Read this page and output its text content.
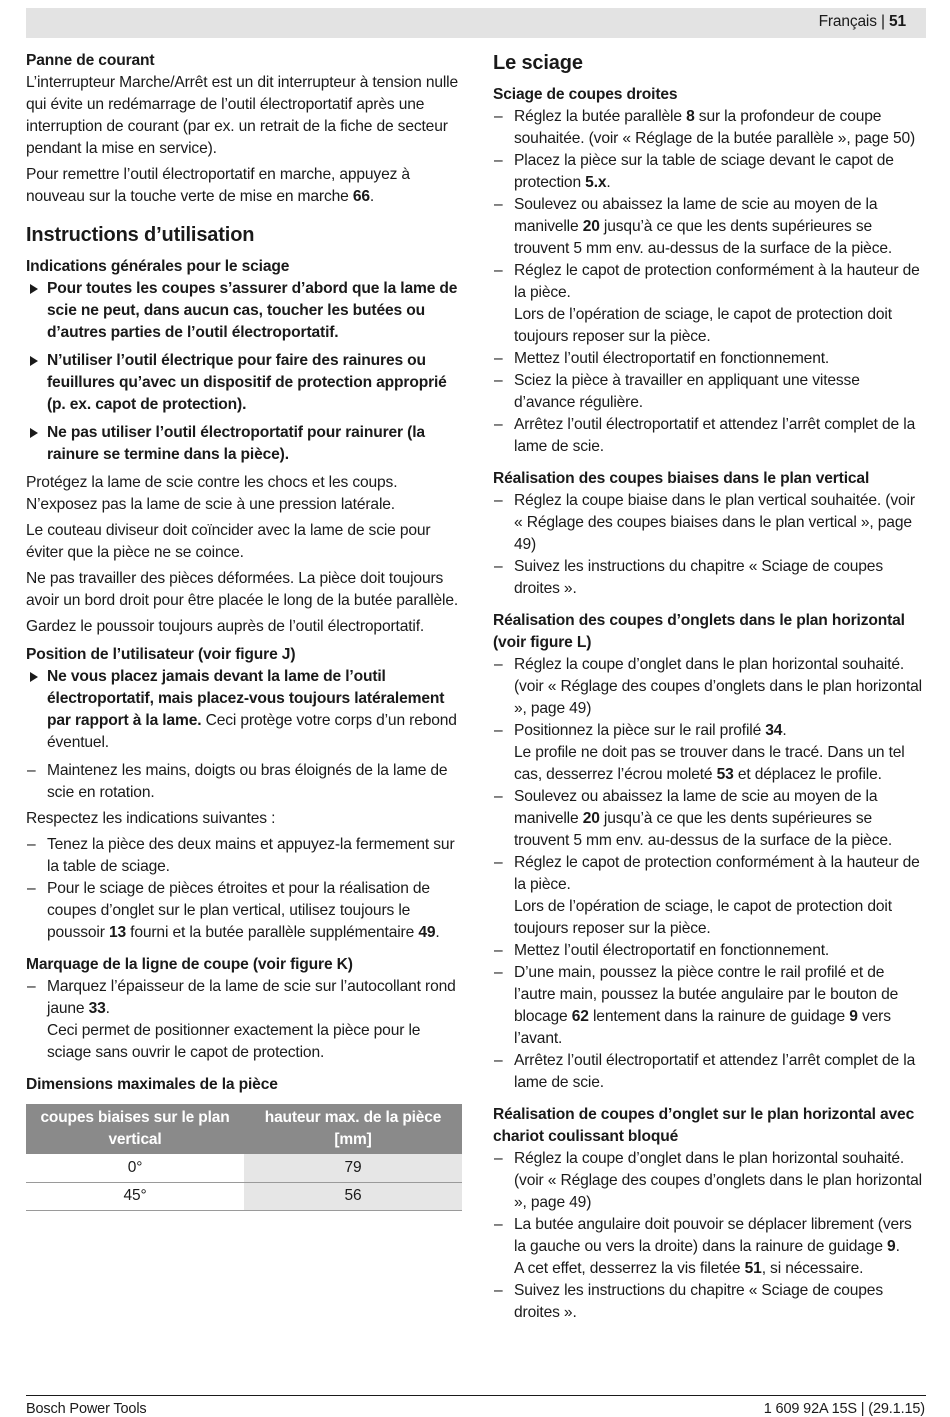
Français | 51
Panne de courant

L’interrupteur Marche/Arrêt est un dit interrupteur à tension nulle qui évite un redémarrage de l’outil électroportatif après une interruption de courant (par ex. un retrait de la fiche de secteur pendant la mise en service).

Pour remettre l’outil électroportatif en marche, appuyez à nouveau sur la touche verte de mise en marche 66.

Instructions d’utilisation
Indications générales pour le sciage
Pour toutes les coupes s’assurer d’abord que la lame de scie ne peut, dans aucun cas, toucher les butées ou d’autres parties de l’outil électroportatif.
N’utiliser l’outil électrique pour faire des rainures ou feuillures qu’avec un dispositif de protection approprié (p. ex. capot de protection).
Ne pas utiliser l’outil électroportatif pour rainurer (la rainure se termine dans la pièce).

Protégez la lame de scie contre les chocs et les coups. N’exposez pas la lame de scie à une pression latérale.

Le couteau diviseur doit coïncider avec la lame de scie pour éviter que la pièce ne se coince.

Ne pas travailler des pièces déformées. La pièce doit toujours avoir un bord droit pour être placée le long de la butée parallèle.

Gardez le poussoir toujours auprès de l’outil électroportatif.

Position de l’utilisateur (voir figure J)
Ne vous placez jamais devant la lame de l’outil électroportatif, mais placez-vous toujours latéralement par rapport à la lame. Ceci protège votre corps d’un rebond éventuel.
– Maintenez les mains, doigts ou bras éloignés de la lame de scie en rotation.

Respectez les indications suivantes :

– Tenez la pièce des deux mains et appuyez-la fermement sur la table de sciage.
– Pour le sciage de pièces étroites et pour la réalisation de coupes d’onglet sur le plan vertical, utilisez toujours le poussoir 13 fourni et la butée parallèle supplémentaire 49.
Marquage de la ligne de coupe (voir figure K)
– Marquez l’épaisseur de la lame de scie sur l’autocollant rond jaune 33.
Ceci permet de positionner exactement la pièce pour le sciage sans ouvrir le capot de protection.
Dimensions maximales de la pièce
coupes biaises sur le plan vertical	hauteur max. de la pièce [mm]
0°	79
45°	56
Le sciage
Sciage de coupes droites
– Réglez la butée parallèle 8 sur la profondeur de coupe souhaitée. (voir « Réglage de la butée parallèle », page 50)
– Placez la pièce sur la table de sciage devant le capot de protection 5.x.
– Soulevez ou abaissez la lame de scie au moyen de la manivelle 20 jusqu’à ce que les dents supérieures se trouvent 5 mm env. au-dessus de la surface de la pièce.
– Réglez le capot de protection conformément à la hauteur de la pièce.
Lors de l’opération de sciage, le capot de protection doit toujours reposer sur la pièce.
– Mettez l’outil électroportatif en fonctionnement.
– Sciez la pièce à travailler en appliquant une vitesse d’avance régulière.
– Arrêtez l’outil électroportatif et attendez l’arrêt complet de la lame de scie.
Réalisation des coupes biaises dans le plan vertical
– Réglez la coupe biaise dans le plan vertical souhaitée. (voir « Réglage des coupes biaises dans le plan vertical », page 49)
– Suivez les instructions du chapitre « Sciage de coupes droites ».
Réalisation des coupes d’onglets dans le plan horizontal (voir figure L)
– Réglez la coupe d’onglet dans le plan horizontal souhaité. (voir « Réglage des coupes d’onglets dans le plan horizontal », page 49)
– Positionnez la pièce sur le rail profilé 34.
Le profile ne doit pas se trouver dans le tracé. Dans un tel cas, desserrez l’écrou moleté 53 et déplacez le profile.
– Soulevez ou abaissez la lame de scie au moyen de la manivelle 20 jusqu’à ce que les dents supérieures se trouvent 5 mm env. au-dessus de la surface de la pièce.
– Réglez le capot de protection conformément à la hauteur de la pièce.
Lors de l’opération de sciage, le capot de protection doit toujours reposer sur la pièce.
– Mettez l’outil électroportatif en fonctionnement.
– D’une main, poussez la pièce contre le rail profilé et de l’autre main, poussez la butée angulaire par le bouton de blocage 62 lentement dans la rainure de guidage 9 vers l’avant.
– Arrêtez l’outil électroportatif et attendez l’arrêt complet de la lame de scie.
Réalisation de coupes d’onglet sur le plan horizontal avec chariot coulissant bloqué
– Réglez la coupe d’onglet dans le plan horizontal souhaité. (voir « Réglage des coupes d’onglets dans le plan horizontal », page 49)
– La butée angulaire doit pouvoir se déplacer librement (vers la gauche ou vers la droite) dans la rainure de guidage 9.
A cet effet, desserrez la vis filetée 51, si nécessaire.
– Suivez les instructions du chapitre « Sciage de coupes droites ».
Bosch Power Tools	1 609 92A 15S | (29.1.15)
